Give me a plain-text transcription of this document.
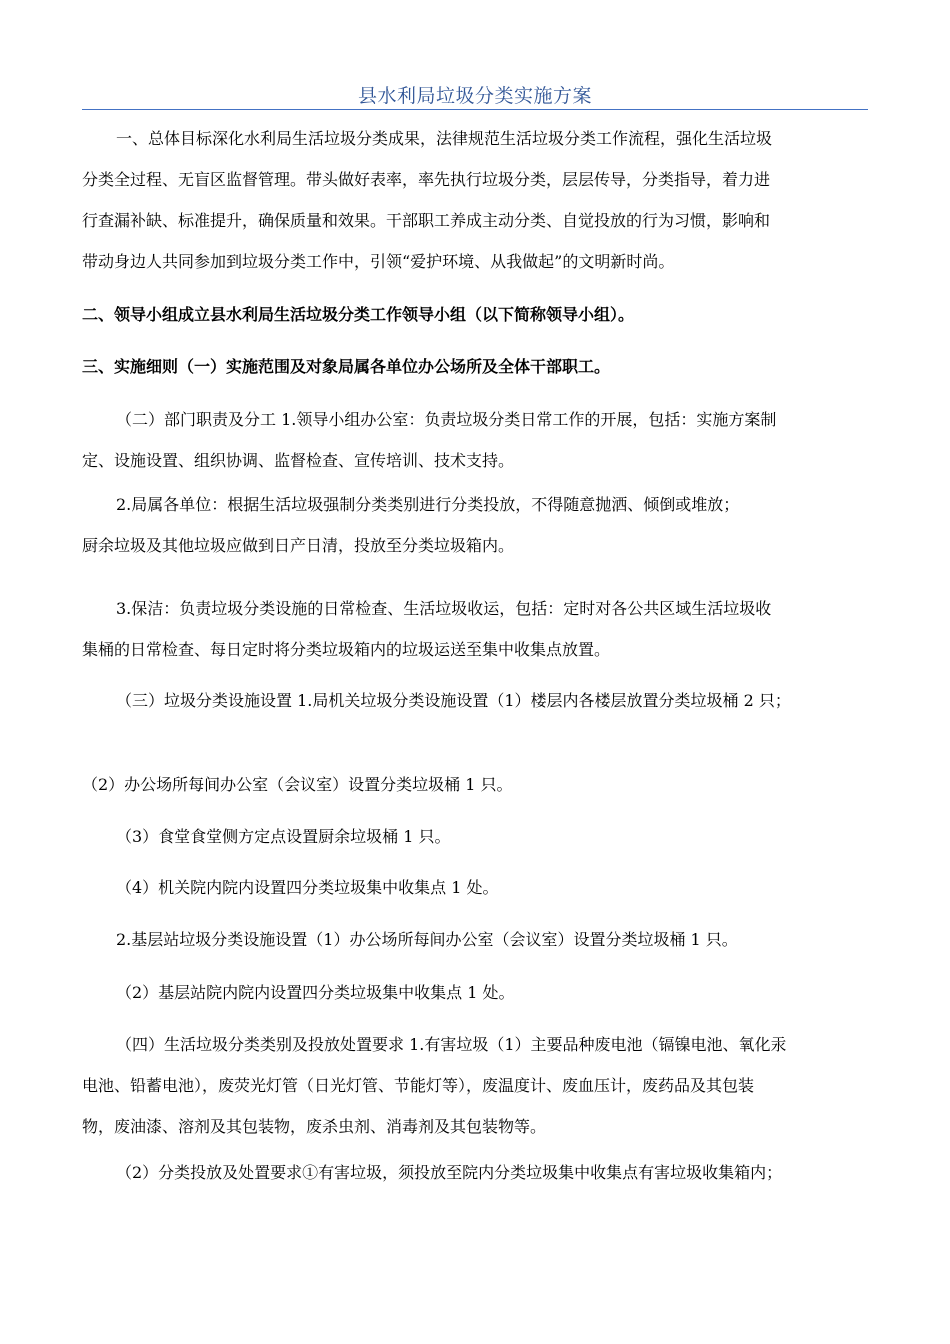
县水利局垃圾分类实施方案
一、总体目标深化水利局生活垃圾分类成果，法律规范生活垃圾分类工作流程，强化生活垃圾
分类全过程、无盲区监督管理。带头做好表率，率先执行垃圾分类，层层传导，分类指导，着力进
行查漏补缺、标准提升，确保质量和效果。干部职工养成主动分类、自觉投放的行为习惯，影响和
带动身边人共同参加到垃圾分类工作中，引领“爱护环境、从我做起”的文明新时尚。
二、领导小组成立县水利局生活垃圾分类工作领导小组（以下简称领导小组）。
三、实施细则（一）实施范围及对象局属各单位办公场所及全体干部职工。
（二）部门职责及分工 1.领导小组办公室：负责垃圾分类日常工作的开展，包括：实施方案制
定、设施设置、组织协调、监督检查、宣传培训、技术支持。
2.局属各单位：根据生活垃圾强制分类类别进行分类投放，不得随意抛洒、倾倒或堆放；
厨余垃圾及其他垃圾应做到日产日清，投放至分类垃圾箱内。
3.保洁：负责垃圾分类设施的日常检查、生活垃圾收运，包括：定时对各公共区域生活垃圾收
集桶的日常检查、每日定时将分类垃圾箱内的垃圾运送至集中收集点放置。
（三）垃圾分类设施设置 1.局机关垃圾分类设施设置（1）楼层内各楼层放置分类垃圾桶 2 只；
（2）办公场所每间办公室（会议室）设置分类垃圾桶 1 只。
（3）食堂食堂侧方定点设置厨余垃圾桶 1 只。
（4）机关院内院内设置四分类垃圾集中收集点 1 处。
2.基层站垃圾分类设施设置（1）办公场所每间办公室（会议室）设置分类垃圾桶 1 只。
（2）基层站院内院内设置四分类垃圾集中收集点 1 处。
（四）生活垃圾分类类别及投放处置要求 1.有害垃圾（1）主要品种废电池（镉镍电池、氧化汞
电池、铅蓄电池），废荧光灯管（日光灯管、节能灯等），废温度计、废血压计，废药品及其包装
物，废油漆、溶剂及其包装物，废杀虫剂、消毒剂及其包装物等。
（2）分类投放及处置要求①有害垃圾，须投放至院内分类垃圾集中收集点有害垃圾收集箱内；
